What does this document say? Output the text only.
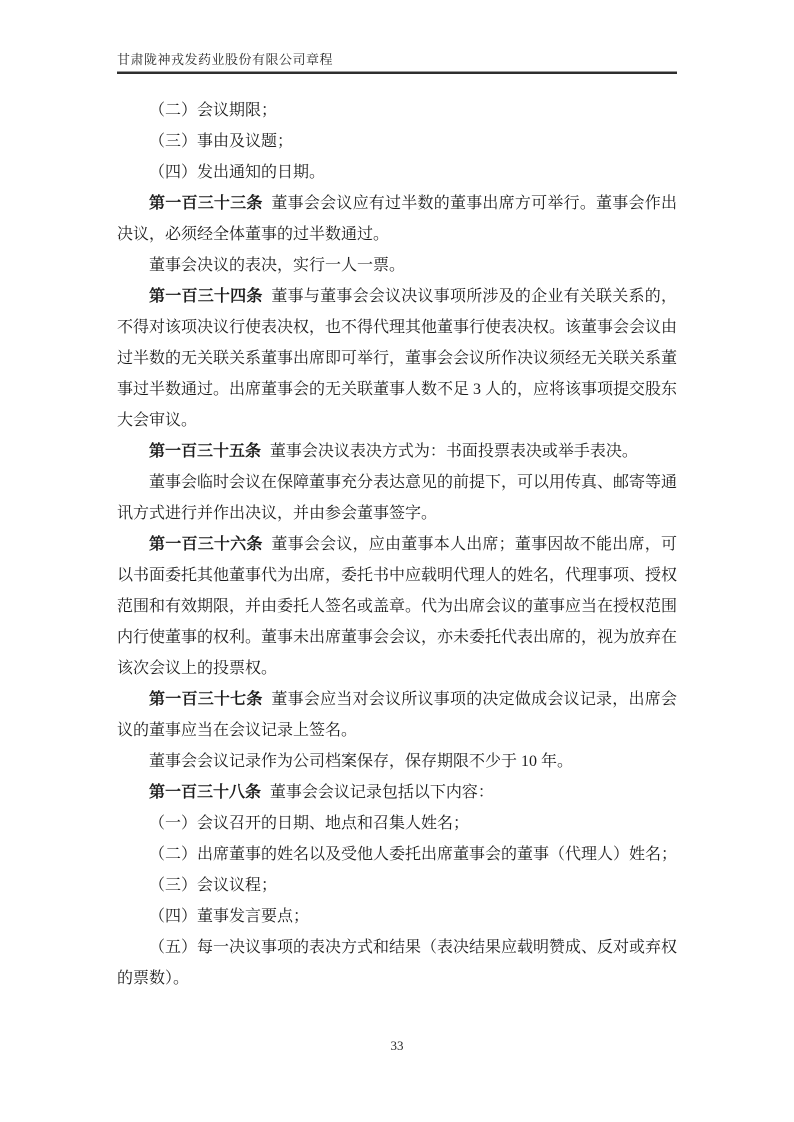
甘肃陇神戎发药业股份有限公司章程

（二）会议期限；

（三）事由及议题；

（四）发出通知的日期。

第一百三十三条 董事会会议应有过半数的董事出席方可举行。董事会作出决议，必须经全体董事的过半数通过。

董事会决议的表决，实行一人一票。

第一百三十四条 董事与董事会会议决议事项所涉及的企业有关联关系的，不得对该项决议行使表决权，也不得代理其他董事行使表决权。该董事会会议由过半数的无关联关系董事出席即可举行，董事会会议所作决议须经无关联关系董事过半数通过。出席董事会的无关联董事人数不足 3 人的，应将该事项提交股东大会审议。

第一百三十五条 董事会决议表决方式为：书面投票表决或举手表决。

董事会临时会议在保障董事充分表达意见的前提下，可以用传真、邮寄等通讯方式进行并作出决议，并由参会董事签字。

第一百三十六条 董事会会议，应由董事本人出席；董事因故不能出席，可以书面委托其他董事代为出席，委托书中应载明代理人的姓名，代理事项、授权范围和有效期限，并由委托人签名或盖章。代为出席会议的董事应当在授权范围内行使董事的权利。董事未出席董事会会议，亦未委托代表出席的，视为放弃在该次会议上的投票权。

第一百三十七条 董事会应当对会议所议事项的决定做成会议记录，出席会议的董事应当在会议记录上签名。

董事会会议记录作为公司档案保存，保存期限不少于 10 年。

第一百三十八条 董事会会议记录包括以下内容：

（一）会议召开的日期、地点和召集人姓名；

（二）出席董事的姓名以及受他人委托出席董事会的董事（代理人）姓名；

（三）会议议程；

（四）董事发言要点；

（五）每一决议事项的表决方式和结果（表决结果应载明赞成、反对或弃权的票数）。

33
